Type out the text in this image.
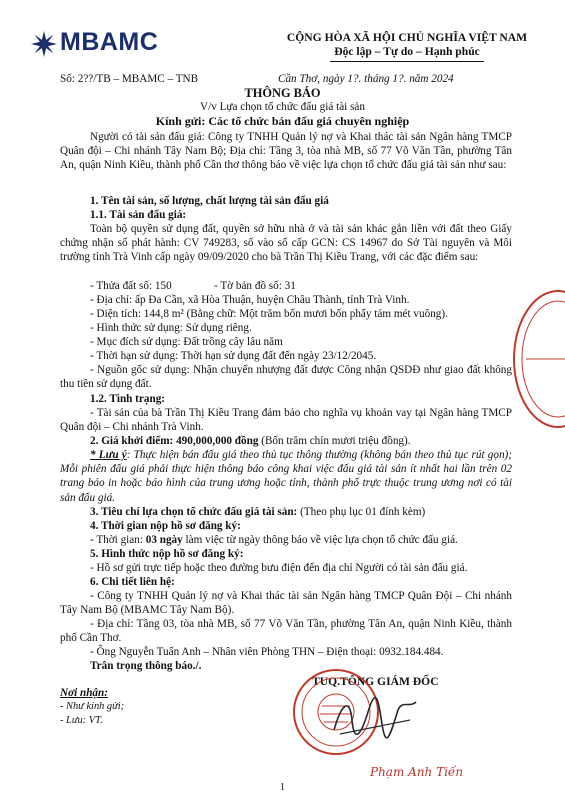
MBAMC	CỘNG HÒA XÃ HỘI CHỦ NGHĨA VIỆT NAM
Độc lập – Tự do – Hạnh phúc
Số: 2??/TB – MBAMC – TNB	Cần Thơ, ngày 1?. tháng 1?. năm 2024
THÔNG BÁO
V/v Lựa chọn tổ chức đấu giá tài sản
Kính gửi: Các tổ chức bán đấu giá chuyên nghiệp
Người có tài sản đấu giá: Công ty TNHH Quản lý nợ và Khai thác tài sản Ngân hàng TMCP Quân đội – Chi nhánh Tây Nam Bộ; Địa chỉ: Tầng 3, tòa nhà MB, số 77 Võ Văn Tần, phường Tân An, quận Ninh Kiều, thành phố Cần thơ thông báo về việc lựa chọn tổ chức đấu giá tài sản như sau:
1. Tên tài sản, số lượng, chất lượng tài sản đấu giá
1.1. Tài sản đấu giá:
Toàn bộ quyền sử dụng đất, quyền sở hữu nhà ở và tài sản khác gắn liền với đất theo Giấy chứng nhận số phát hành: CV 749283, số vào sổ cấp GCN: CS 14967 do Sở Tài nguyên và Môi trường tỉnh Trà Vinh cấp ngày 09/09/2020 cho bà Trần Thị Kiều Trang, với các đặc điểm sau:
- Thửa đất số: 150	- Tờ bản đồ số: 31
- Địa chỉ: ấp Đa Cần, xã Hòa Thuận, huyện Châu Thành, tỉnh Trà Vinh.
- Diện tích: 144,8 m² (Bằng chữ: Một trăm bốn mươi bốn phẩy tám mét vuông).
- Hình thức sử dụng: Sử dụng riêng.
- Mục đích sử dụng: Đất trồng cây lâu năm
- Thời hạn sử dụng: Thời hạn sử dụng đất đến ngày 23/12/2045.
- Nguồn gốc sử dụng: Nhận chuyển nhượng đất được Công nhận QSDĐ như giao đất không thu tiền sử dụng đất.
1.2. Tình trạng:
- Tài sản của bà Trần Thị Kiều Trang đảm bảo cho nghĩa vụ khoản vay tại Ngân hàng TMCP Quân đội – Chi nhánh Trà Vinh.
2. Giá khởi điểm: 490,000,000 đồng (Bốn trăm chín mươi triệu đồng).
* Lưu ý: Thực hiện bán đấu giá theo thủ tục thông thường (không bán theo thủ tục rút gọn); Mỗi phiên đấu giá phải thực hiện thông báo công khai việc đấu giá tài sản ít nhất hai lần trên 02 trang báo in hoặc báo hình của trung ương hoặc tỉnh, thành phố trực thuộc trung ương nơi có tài sản đấu giá.
3. Tiêu chí lựa chọn tổ chức đấu giá tài sản: (Theo phụ lục 01 đính kèm)
4. Thời gian nộp hồ sơ đăng ký:
- Thời gian: 03 ngày làm việc từ ngày thông báo về việc lựa chọn tổ chức đấu giá.
5. Hình thức nộp hồ sơ đăng ký:
- Hồ sơ gửi trực tiếp hoặc theo đường bưu điện đến địa chỉ Người có tài sản đấu giá.
6. Chi tiết liên hệ:
- Công ty TNHH Quản lý nợ và Khai thác tài sản Ngân hàng TMCP Quân Đội – Chi nhánh Tây Nam Bộ (MBAMC Tây Nam Bộ).
- Địa chỉ: Tầng 03, tòa nhà MB, số 77 Võ Văn Tần, phường Tân An, quận Ninh Kiều, thành phố Cần Thơ.
- Ông Nguyễn Tuấn Anh – Nhân viên Phòng THN – Điện thoại: 0932.184.484.
Trân trọng thông báo./.
Nơi nhận:
- Như kính gửi;
- Lưu: VT.
TUQ.TỔNG GIÁM ĐỐC
Phạm Anh Tiến
1
